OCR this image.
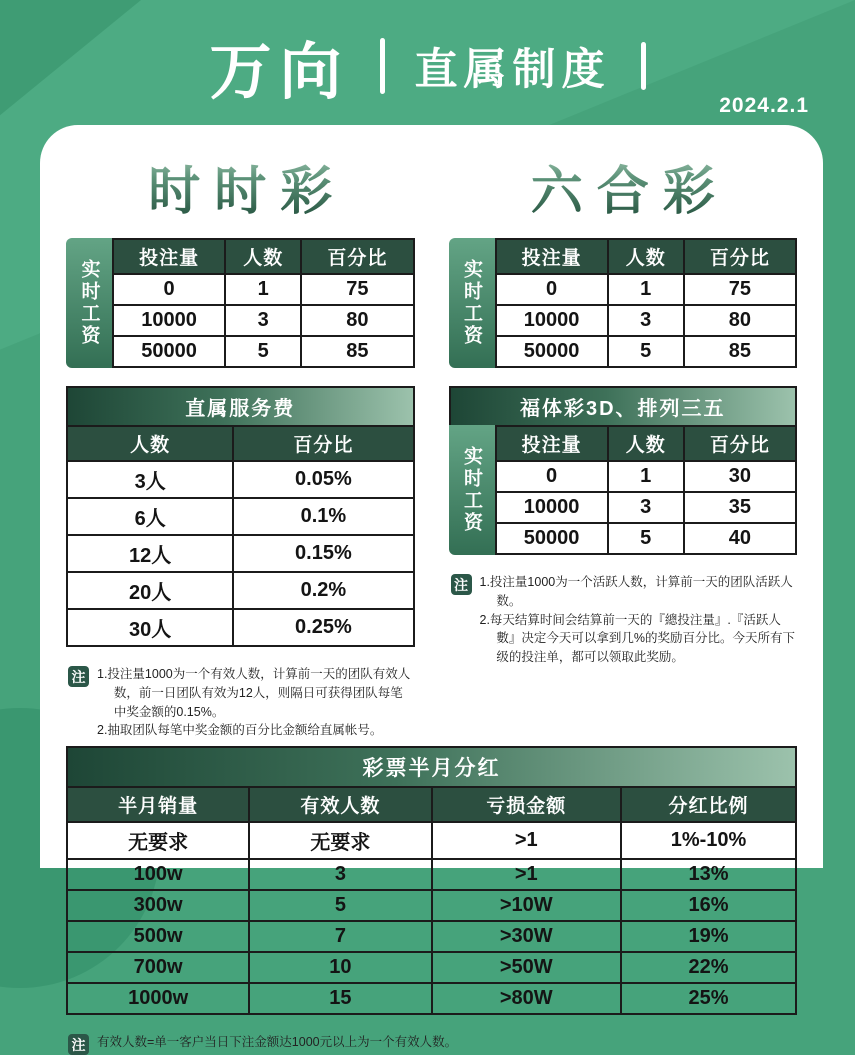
万向 直属制度
2024.2.1
时时彩
实时工资
投注量	人数	百分比
0	1	75
10000	3	80
50000	5	85
直属服务费
人数	百分比
3人	0.05%
6人	0.1%
12人	0.15%
20人	0.2%
30人	0.25%
注 1.投注量1000为一个有效人数，计算前一天的团队有效人数，前一日团队有效为12人，则隔日可获得团队每笔中奖金额的0.15%。
2.抽取团队每笔中奖金额的百分比金额给直属帐号。
六合彩
实时工资
投注量	人数	百分比
0	1	75
10000	3	80
50000	5	85
福体彩3D、排列三五
实时工资
投注量	人数	百分比
0	1	30
10000	3	35
50000	5	40
注 1.投注量1000为一个活跃人数，计算前一天的团队活跃人数。
2.每天结算时间会结算前一天的『總投注量』.『活跃人數』决定今天可以拿到几%的奖励百分比。今天所有下级的投注单，都可以领取此奖励。
彩票半月分红
半月销量	有效人数	亏损金额	分红比例
无要求	无要求	>1	1%-10%
100w	3	>1	13%
300w	5	>10W	16%
500w	7	>30W	19%
700w	10	>50W	22%
1000w	15	>80W	25%
注 有效人数=单一客户当日下注金额达1000元以上为一个有效人数。
